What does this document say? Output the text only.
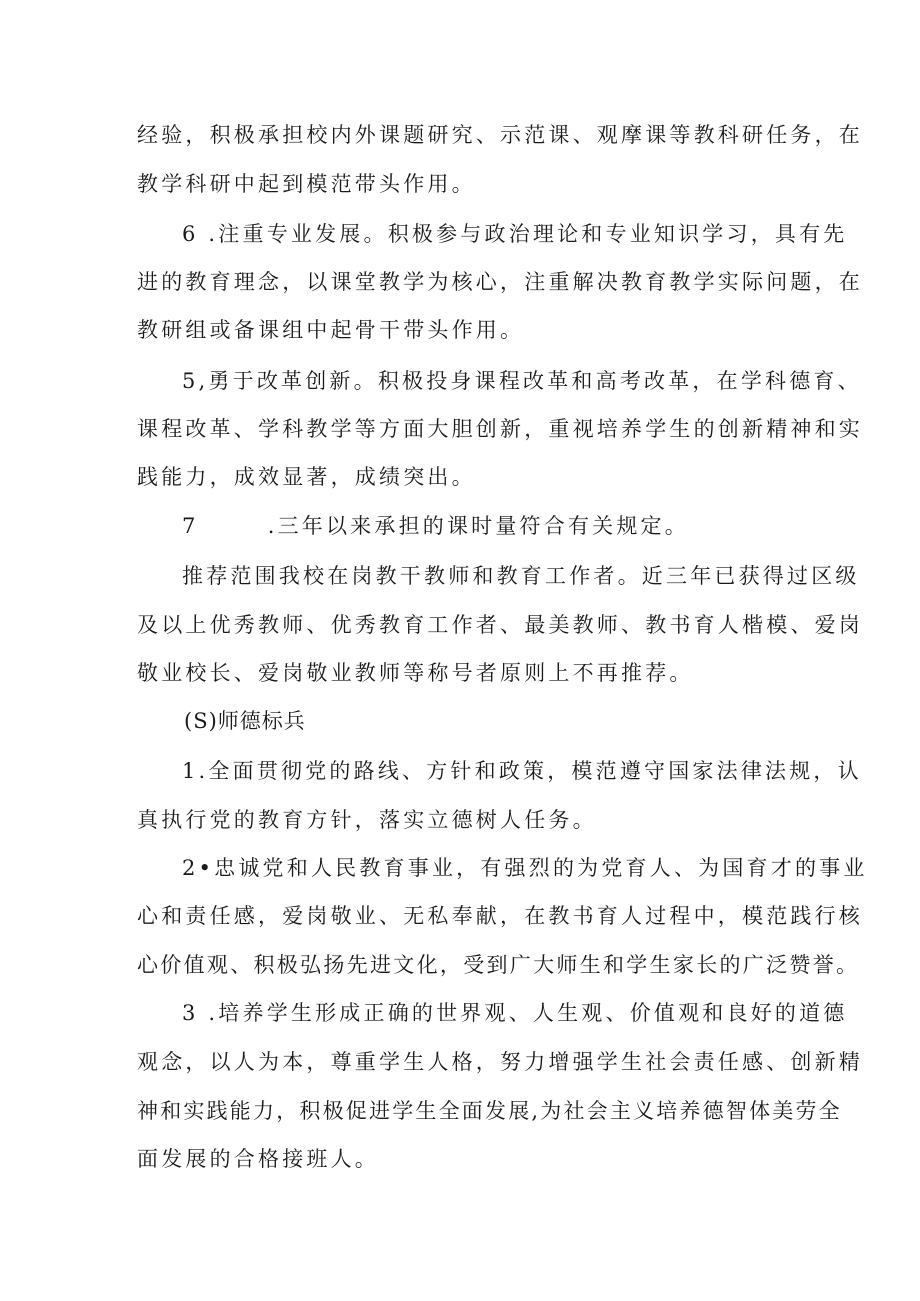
经验，积极承担校内外课题研究、示范课、观摩课等教科研任务，在
教学科研中起到模范带头作用。
6 .注重专业发展。积极参与政治理论和专业知识学习，具有先
进的教育理念，以课堂教学为核心，注重解决教育教学实际问题，在
教研组或备课组中起骨干带头作用。
5,勇于改革创新。积极投身课程改革和高考改革，在学科德育、
课程改革、学科教学等方面大胆创新，重视培养学生的创新精神和实
践能力，成效显著，成绩突出。
7       .三年以来承担的课时量符合有关规定。
推荐范围我校在岗教干教师和教育工作者。近三年已获得过区级
及以上优秀教师、优秀教育工作者、最美教师、教书育人楷模、爱岗
敬业校长、爱岗敬业教师等称号者原则上不再推荐。
(S)师德标兵
1.全面贯彻党的路线、方针和政策，模范遵守国家法律法规，认
真执行党的教育方针，落实立德树人任务。
2•忠诚党和人民教育事业，有强烈的为党育人、为国育才的事业
心和责任感，爱岗敬业、无私奉献，在教书育人过程中，模范践行核
心价值观、积极弘扬先进文化，受到广大师生和学生家长的广泛赞誉。
3 .培养学生形成正确的世界观、人生观、价值观和良好的道德
观念，以人为本，尊重学生人格，努力增强学生社会责任感、创新精
神和实践能力，积极促进学生全面发展,为社会主义培养德智体美劳全
面发展的合格接班人。
